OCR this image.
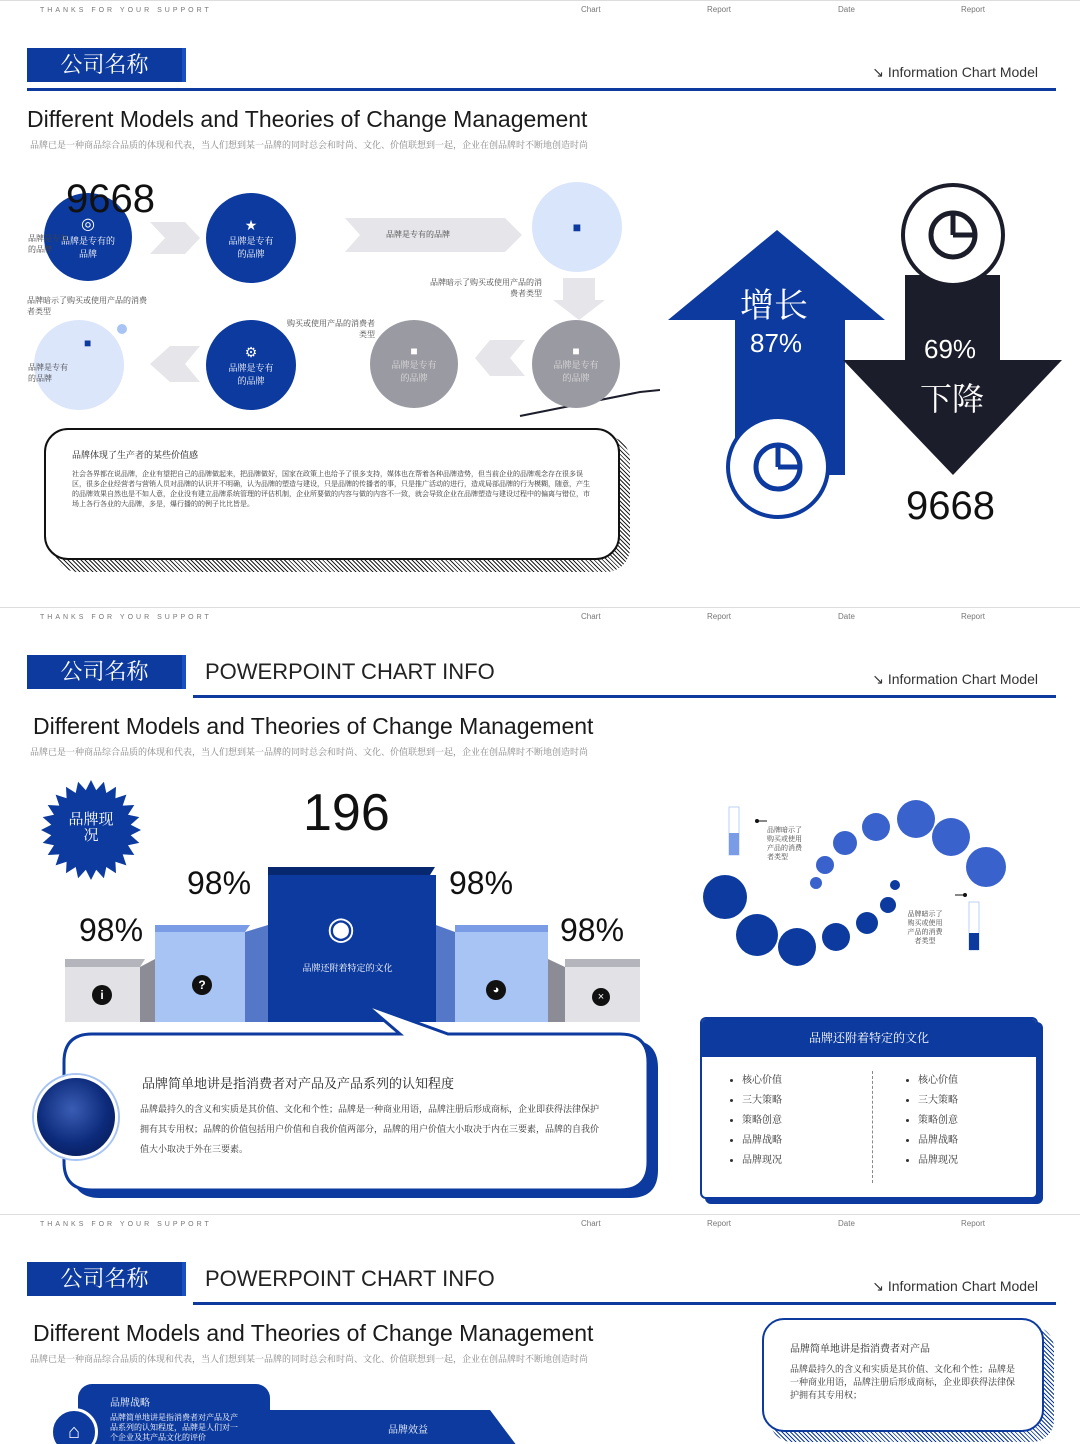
THANKS FOR YOUR SUPPORT	Chart	Report	Date	Report
公司名称	↘ Information Chart Model
Different Models and Theories of Change Management
品牌已是一种商品综合品质的体现和代表，当人们想到某一品牌的同时总会和时尚、文化、价值联想到一起，企业在创品牌时不断地创造时尚
◎
品牌是专有的品牌
9668
品牌是专有的品牌
★
品牌是专有的品牌
品牌是专有的品牌	■
品牌暗示了购买或使用产品的消费者类型
品牌暗示了购买或使用产品的消费者类型
■
品牌是专有的品牌
⚙
品牌是专有的品牌
购买或使用产品的消费者类型
■
品牌是专有的品牌
■
品牌是专有的品牌
品牌体现了生产者的某些价值感
社会各界都在说品牌，企业有望把自己的品牌做起来，把品牌做好，国家在政策上也给予了很多支持，媒体也在帮着各种品牌造势，但当前企业的品牌观念存在很多误区，很多企业经营者与营销人员对品牌的认识并不明确，认为品牌的塑造与建设，只是品牌的传播者的事，只是推广活动的进行，造成局部品牌的行为模糊，随意，产生的品牌效果自然也是不如人意，企业没有建立品牌系统管理的评估机制，企业所要做的内容与做的内容不一致，就会导致企业在品牌塑造与建设过程中的偏离与错位，市场上各行各业的大品牌，多是，爆行播的的例子比比皆是。
增长
87%	69%
下降
9668
THANKS FOR YOUR SUPPORT	Chart	Report	Date	Report
公司名称	POWERPOINT CHART INFO	↘ Information Chart Model
Different Models and Theories of Change Management
品牌已是一种商品综合品质的体现和代表，当人们想到某一品牌的同时总会和时尚、文化、价值联想到一起，企业在创品牌时不断地创造时尚
品牌现况	196
98%
98%	98%
98%
i
?
◉
品牌还附着特定的文化
◕
×
品牌简单地讲是指消费者对产品及产品系列的认知程度
品牌最持久的含义和实质是其价值、文化和个性；品牌是一种商业用语，品牌注册后形成商标，企业即获得法律保护拥有其专用权；品牌的价值包括用户价值和自我价值两部分，品牌的用户价值大小取决于内在三要素，品牌的自我价值大小取决于外在三要素。
品牌暗示了购买或使用产品的消费者类型
品牌暗示了购买或使用产品的消费者类型
品牌还附着特定的文化
• 核心价值
• 三大策略
• 策略创意
• 品牌战略
• 品牌现况
• 核心价值
• 三大策略
• 策略创意
• 品牌战略
• 品牌现况
THANKS FOR YOUR SUPPORT	Chart	Report	Date	Report
公司名称	POWERPOINT CHART INFO	↘ Information Chart Model
Different Models and Theories of Change Management
品牌已是一种商品综合品质的体现和代表，当人们想到某一品牌的同时总会和时尚、文化、价值联想到一起，企业在创品牌时不断地创造时尚
品牌战略
品牌简单地讲是指消费者对产品及产品系列的认知程度，品牌是人们对一个企业及其产品文化的评价
⌂	品牌效益
品牌简单地讲是指消费者对产品
品牌最持久的含义和实质是其价值、文化和个性；品牌是一种商业用语，品牌注册后形成商标，企业即获得法律保护拥有其专用权；
